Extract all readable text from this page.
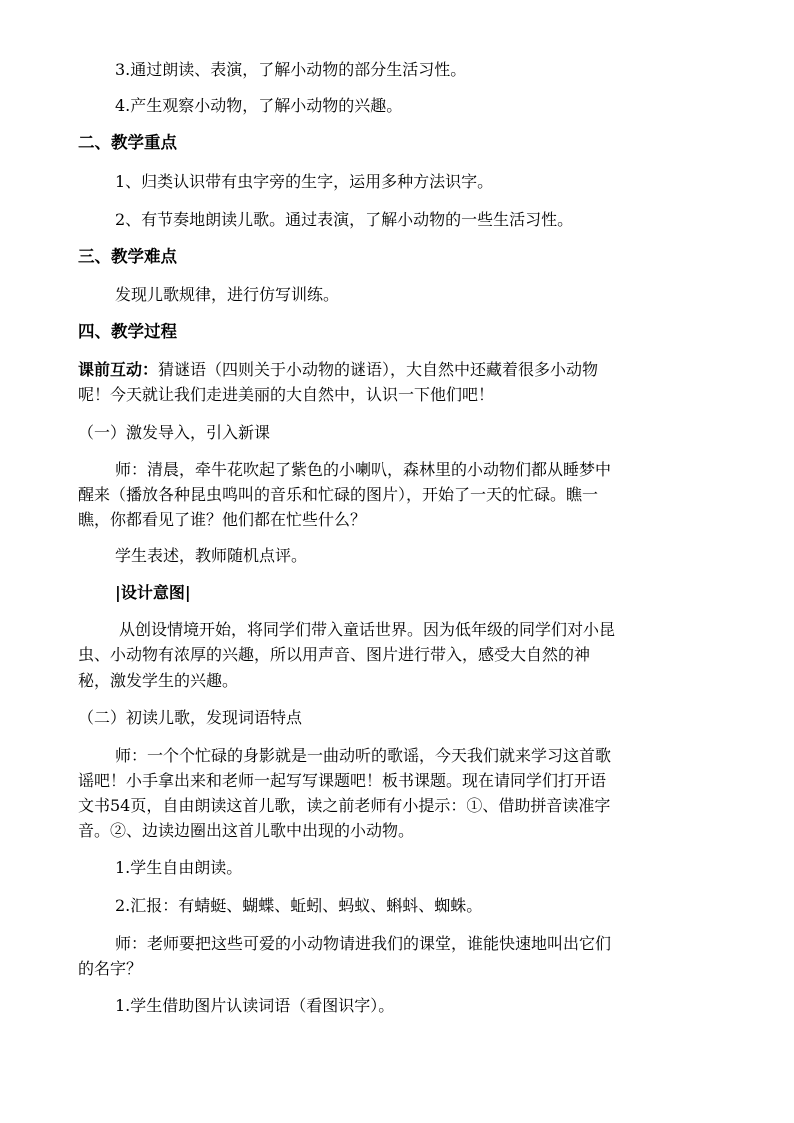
3.通过朗读、表演，了解小动物的部分生活习性。
4.产生观察小动物，了解小动物的兴趣。
二、教学重点
1、归类认识带有虫字旁的生字，运用多种方法识字。
2、有节奏地朗读儿歌。通过表演，了解小动物的一些生活习性。
三、教学难点
发现儿歌规律，进行仿写训练。
四、教学过程
课前互动：猜谜语（四则关于小动物的谜语），大自然中还藏着很多小动物
呢！今天就让我们走进美丽的大自然中，认识一下他们吧！
（一）激发导入，引入新课
师：清晨，牵牛花吹起了紫色的小喇叭，森林里的小动物们都从睡梦中
醒来（播放各种昆虫鸣叫的音乐和忙碌的图片），开始了一天的忙碌。瞧一
瞧，你都看见了谁？他们都在忙些什么？
学生表述，教师随机点评。
|设计意图|
从创设情境开始，将同学们带入童话世界。因为低年级的同学们对小昆
虫、小动物有浓厚的兴趣，所以用声音、图片进行带入，感受大自然的神
秘，激发学生的兴趣。
（二）初读儿歌，发现词语特点
师：一个个忙碌的身影就是一曲动听的歌谣，今天我们就来学习这首歌
谣吧！小手拿出来和老师一起写写课题吧！板书课题。现在请同学们打开语
文书54页，自由朗读这首儿歌，读之前老师有小提示：①、借助拼音读准字
音。②、边读边圈出这首儿歌中出现的小动物。
1.学生自由朗读。
2.汇报：有蜻蜓、蝴蝶、蚯蚓、蚂蚁、蝌蚪、蜘蛛。
师：老师要把这些可爱的小动物请进我们的课堂，谁能快速地叫出它们
的名字？
1.学生借助图片认读词语（看图识字）。
